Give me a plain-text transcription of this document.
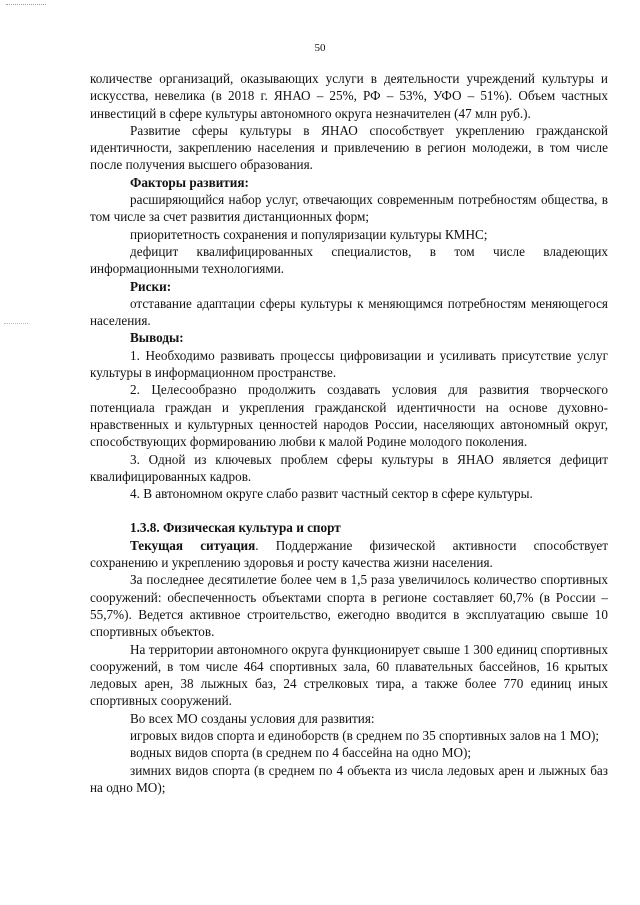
50

количестве организаций, оказывающих услуги в деятельности учреждений культуры и искусства, невелика (в 2018 г. ЯНАО – 25%, РФ – 53%, УФО – 51%). Объем частных инвестиций в сфере культуры автономного округа незначителен (47 млн руб.).

Развитие сферы культуры в ЯНАО способствует укреплению гражданской идентичности, закреплению населения и привлечению в регион молодежи, в том числе после получения высшего образования.

Факторы развития:

расширяющийся набор услуг, отвечающих современным потребностям общества, в том числе за счет развития дистанционных форм;

приоритетность сохранения и популяризации культуры КМНС;

дефицит квалифицированных специалистов, в том числе владеющих информационными технологиями.

Риски:

отставание адаптации сферы культуры к меняющимся потребностям меняющегося населения.

Выводы:

1. Необходимо развивать процессы цифровизации и усиливать присутствие услуг культуры в информационном пространстве.

2. Целесообразно продолжить создавать условия для развития творческого потенциала граждан и укрепления гражданской идентичности на основе духовно-нравственных и культурных ценностей народов России, населяющих автономный округ, способствующих формированию любви к малой Родине молодого поколения.

3. Одной из ключевых проблем сферы культуры в ЯНАО является дефицит квалифицированных кадров.

4. В автономном округе слабо развит частный сектор в сфере культуры.

1.3.8. Физическая культура и спорт

Текущая ситуация. Поддержание физической активности способствует сохранению и укреплению здоровья и росту качества жизни населения.

За последнее десятилетие более чем в 1,5 раза увеличилось количество спортивных сооружений: обеспеченность объектами спорта в регионе составляет 60,7% (в России – 55,7%). Ведется активное строительство, ежегодно вводится в эксплуатацию свыше 10 спортивных объектов.

На территории автономного округа функционирует свыше 1 300 единиц спортивных сооружений, в том числе 464 спортивных зала, 60 плавательных бассейнов, 16 крытых ледовых арен, 38 лыжных баз, 24 стрелковых тира, а также более 770 единиц иных спортивных сооружений.

Во всех МО созданы условия для развития:

игровых видов спорта и единоборств (в среднем по 35 спортивных залов на 1 МО);

водных видов спорта (в среднем по 4 бассейна на одно МО);

зимних видов спорта (в среднем по 4 объекта из числа ледовых арен и лыжных баз на одно МО);
